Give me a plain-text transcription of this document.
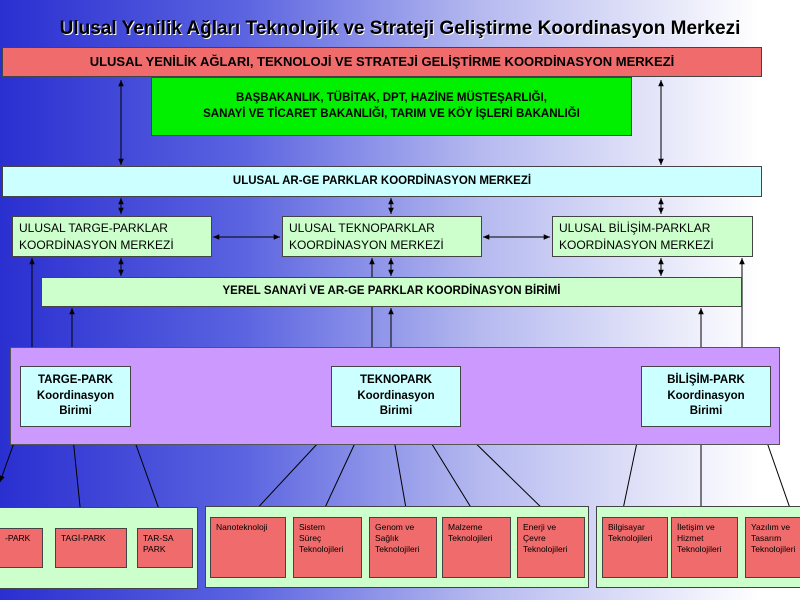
Ulusal Yenilik Ağları Teknolojik ve Strateji Geliştirme Koordinasyon Merkezi
ULUSAL YENİLİK AĞLARI, TEKNOLOJİ VE STRATEJİ GELİŞTİRME KOORDİNASYON MERKEZİ
BAŞBAKANLIK, TÜBİTAK, DPT, HAZİNE MÜSTEŞARLIĞI,
SANAYİ VE TİCARET BAKANLIĞI, TARIM VE KÖY İŞLERİ BAKANLIĞI
ULUSAL AR-GE PARKLAR KOORDİNASYON MERKEZİ
ULUSAL TARGE-PARKLAR
KOORDİNASYON MERKEZİ
ULUSAL TEKNOPARKLAR
KOORDİNASYON MERKEZİ
ULUSAL BİLİŞİM-PARKLAR
KOORDİNASYON MERKEZİ
YEREL SANAYİ VE AR-GE PARKLAR KOORDİNASYON BİRİMİ
TARGE-PARK
Koordinasyon
Birimi
TEKNOPARK
Koordinasyon
Birimi
BİLİŞİM-PARK
Koordinasyon
Birimi
-PARK	TAGİ-PARK	TAR-SA
PARK
Nanoteknoloji	Sistem
Süreç
Teknolojileri
Genom ve
Sağlık
Teknolojileri
Malzeme
Teknolojileri
Enerji ve
Çevre
Teknolojileri
Bilgisayar
Teknolojileri
İletişim ve
Hizmet
Teknolojileri
Yazılım ve
Tasarım
Teknolojileri
